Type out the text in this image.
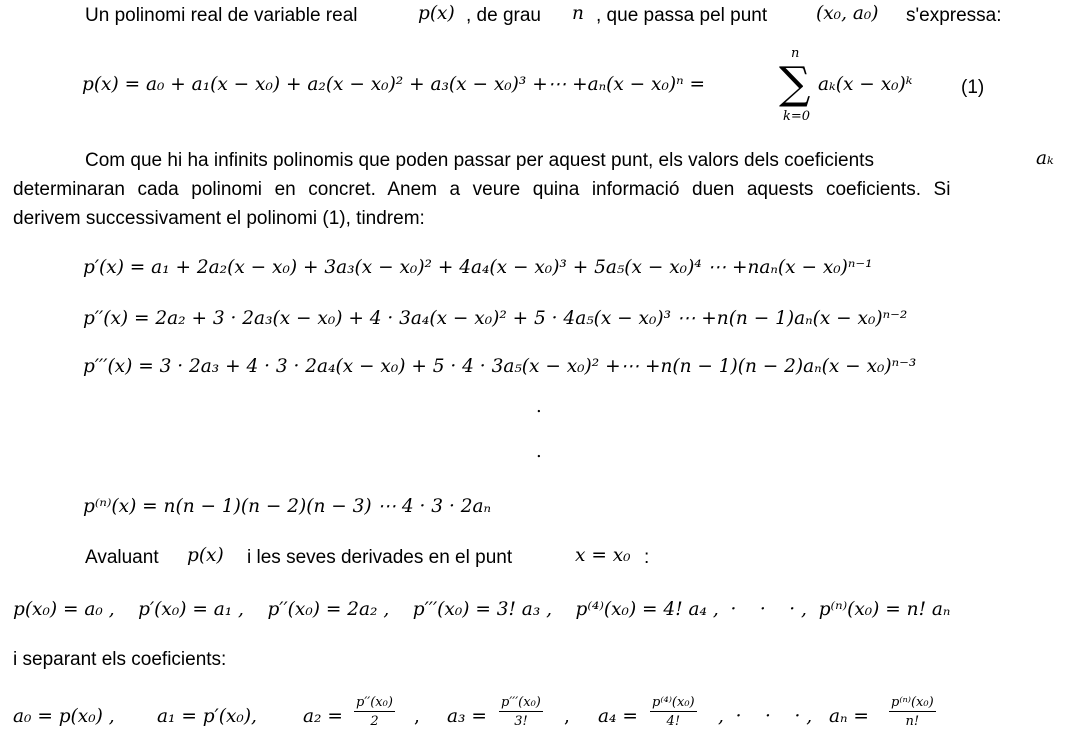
Un polinomi real de variable real	p(x) , de grau n , que passa pel punt	(x₀, a₀) s'expressa:
p(x) = a₀ + a₁(x − x₀) + a₂(x − x₀)² + a₃(x − x₀)³ +⋯ +aₙ(x − x₀)ⁿ =
n
∑
k=0
aₖ(x − x₀)ᵏ	(1)
Com que hi ha infinits polinomis que poden passar per aquest punt, els valors dels coeficients	aₖ
determinaran  cada  polinomi  en  concret.  Anem  a  veure  quina  informació  duen  aquests  coeficients.  Si
derivem successivament el polinomi (1), tindrem:
p′(x) = a₁ + 2a₂(x − x₀) + 3a₃(x − x₀)² + 4a₄(x − x₀)³ + 5a₅(x − x₀)⁴ ⋯ +naₙ(x − x₀)ⁿ⁻¹
p′′(x) = 2a₂ + 3 · 2a₃(x − x₀) + 4 · 3a₄(x − x₀)² + 5 · 4a₅(x − x₀)³ ⋯ +n(n − 1)aₙ(x − x₀)ⁿ⁻²
p′′′(x) = 3 · 2a₃ + 4 · 3 · 2a₄(x − x₀) + 5 · 4 · 3a₅(x − x₀)² +⋯ +n(n − 1)(n − 2)aₙ(x − x₀)ⁿ⁻³
.
.
p⁽ⁿ⁾(x) = n(n − 1)(n − 2)(n − 3) ⋯ 4 · 3 · 2aₙ
Avaluant p(x) i les seves derivades en el punt	x = x₀ :
p(x₀) = a₀ ,    p′(x₀) = a₁ ,    p′′(x₀) = 2a₂ ,    p′′′(x₀) = 3! a₃ ,    p⁽⁴⁾(x₀) = 4! a₄ ,  ·    ·    · ,  p⁽ⁿ⁾(x₀) = n! aₙ
i separant els coeficients:
a₀ = p(x₀) , a₁ = p′(x₀), $a_2 = \frac{\text{p′′(x₀)}}{2}$ , $a_3 = \frac{\text{p′′′(x₀)}}{3!}$ , $a_4 = \frac{\text{p⁽⁴⁾(x₀)}}{4!}$ ,  ·    ·    · , $a_n = \frac{\text{p⁽ⁿ⁾(x₀)}}{n!}$
